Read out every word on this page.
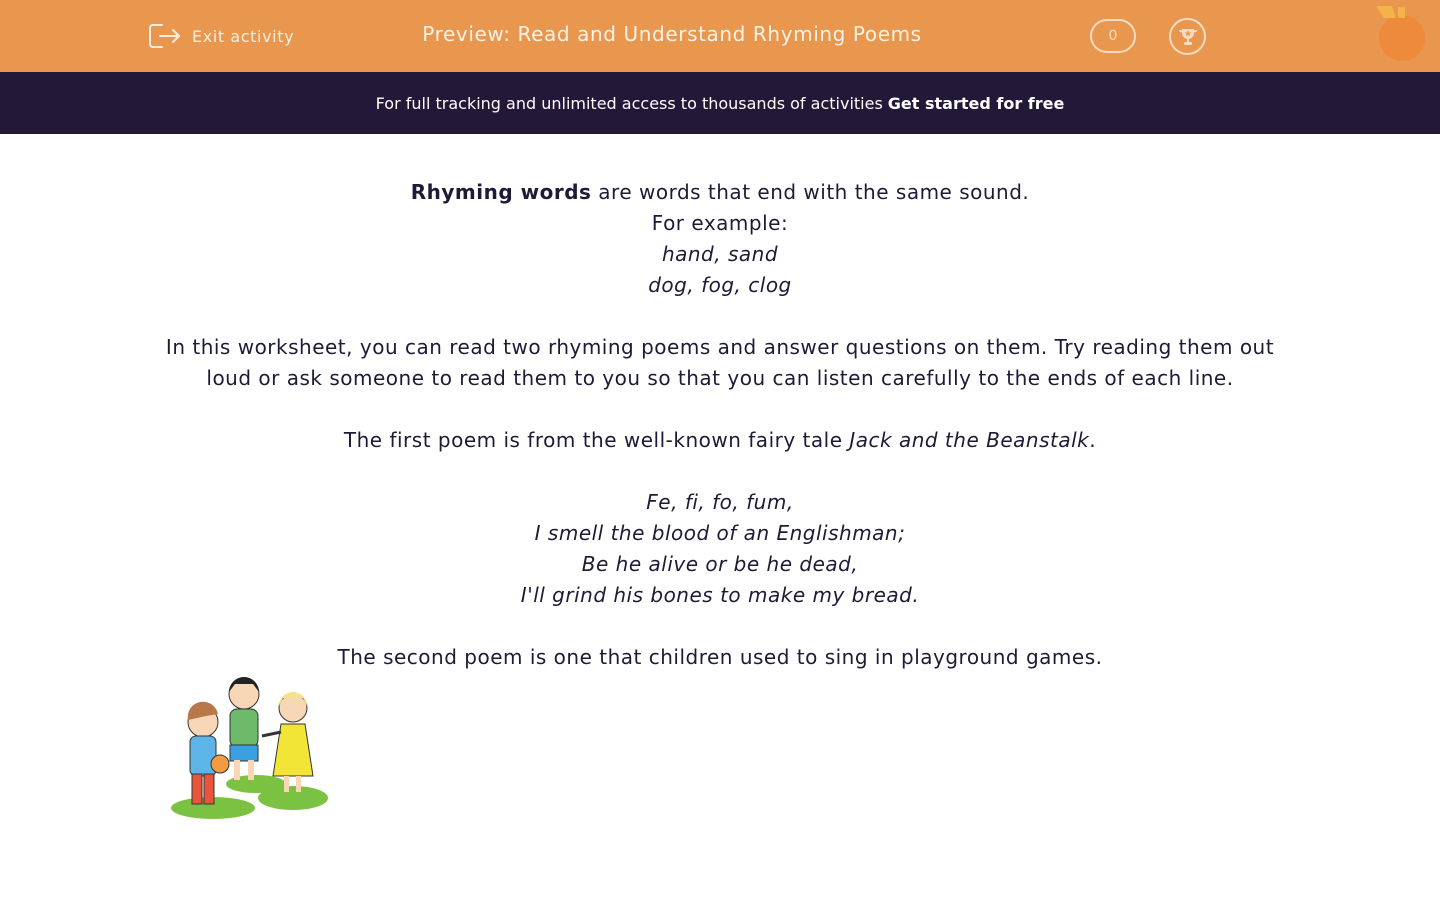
Exit activity	Preview: Read and Understand Rhyming Poems	0
For full tracking and unlimited access to thousands of activities Get started for free

Rhyming words are words that end with the same sound.

For example:

hand, sand

dog, fog, clog

In this worksheet, you can read two rhyming poems and answer questions on them. Try reading them out loud or ask someone to read them to you so that you can listen carefully to the ends of each line.

The first poem is from the well-known fairy tale Jack and the Beanstalk.

Fe, fi, fo, fum,

I smell the blood of an Englishman;

Be he alive or be he dead,

I'll grind his bones to make my bread.

The second poem is one that children used to sing in playground games.
